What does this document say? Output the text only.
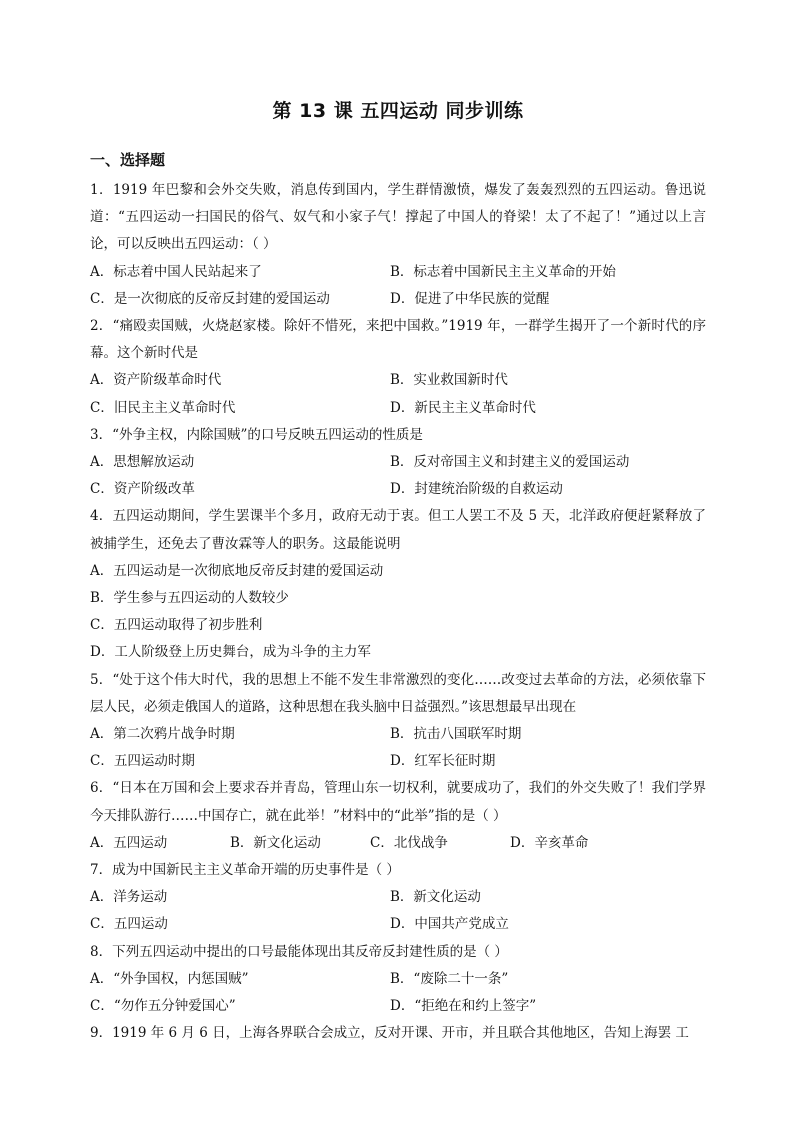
第 13 课 五四运动 同步训练
一、选择题
1．1919 年巴黎和会外交失败，消息传到国内，学生群情激愤，爆发了轰轰烈烈的五四运动。鲁迅说道：“五四运动一扫国民的俗气、奴气和小家子气！撑起了中国人的脊梁！太了不起了！”通过以上言论，可以反映出五四运动：（ ）
A．标志着中国人民站起来了	B．标志着中国新民主主义革命的开始
C．是一次彻底的反帝反封建的爱国运动	D．促进了中华民族的觉醒
2．“痛殴卖国贼，火烧赵家楼。除奸不惜死，来把中国救。”1919 年，一群学生揭开了一个新时代的序幕。这个新时代是
A．资产阶级革命时代	B．实业救国新时代
C．旧民主主义革命时代	D．新民主主义革命时代
3．“外争主权，内除国贼”的口号反映五四运动的性质是
A．思想解放运动	B．反对帝国主义和封建主义的爱国运动
C．资产阶级改革	D．封建统治阶级的自救运动
4．五四运动期间，学生罢课半个多月，政府无动于衷。但工人罢工不及 5 天，北洋政府便赶紧释放了被捕学生，还免去了曹汝霖等人的职务。这最能说明
A．五四运动是一次彻底地反帝反封建的爱国运动
B．学生参与五四运动的人数较少
C．五四运动取得了初步胜利
D．工人阶级登上历史舞台，成为斗争的主力军
5．“处于这个伟大时代，我的思想上不能不发生非常激烈的变化……改变过去革命的方法，必须依靠下层人民，必须走俄国人的道路，这种思想在我头脑中日益强烈。”该思想最早出现在
A．第二次鸦片战争时期	B．抗击八国联军时期
C．五四运动时期	D．红军长征时期
6．“日本在万国和会上要求吞并青岛，管理山东一切权利，就要成功了，我们的外交失败了！我们学界今天排队游行……中国存亡，就在此举！”材料中的“此举”指的是（ ）
A．五四运动	B．新文化运动	C．北伐战争	D．辛亥革命
7．成为中国新民主主义革命开端的历史事件是（ ）
A．洋务运动	B．新文化运动
C．五四运动	D．中国共产党成立
8．下列五四运动中提出的口号最能体现出其反帝反封建性质的是（ ）
A．“外争国权，内惩国贼”	B．“废除二十一条”
C．“勿作五分钟爱国心”	D．“拒绝在和约上签字”
9．1919 年 6 月 6 日，上海各界联合会成立，反对开课、开市，并且联合其他地区，告知上海罢 工
